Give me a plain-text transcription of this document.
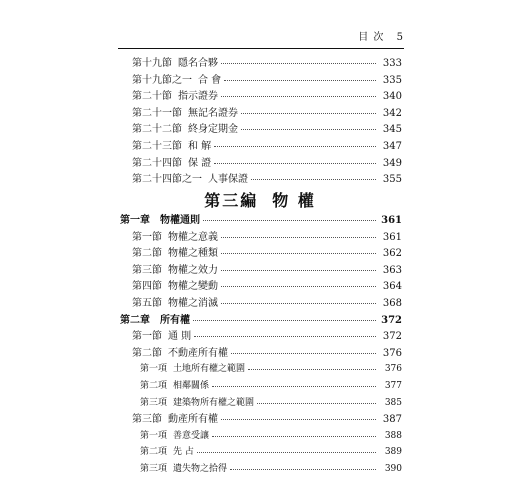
目 次 5
第十九節 隱名合夥	333
第十九節之一 合 會	335
第二十節 指示證券	340
第二十一節 無記名證券	342
第二十二節 終身定期金	345
第二十三節 和 解	347
第二十四節 保 證	349
第二十四節之一 人事保證	355
第三編 物 權
第一章 物權通則	361
第一節 物權之意義	361
第二節 物權之種類	362
第三節 物權之效力	363
第四節 物權之變動	364
第五節 物權之消滅	368
第二章 所有權	372
第一節 通 則	372
第二節 不動產所有權	376
第一項 土地所有權之範圍	376
第二項 相鄰關係	377
第三項 建築物所有權之範圍	385
第三節 動產所有權	387
第一項 善意受讓	388
第二項 先 占	389
第三項 遺失物之拾得	390
